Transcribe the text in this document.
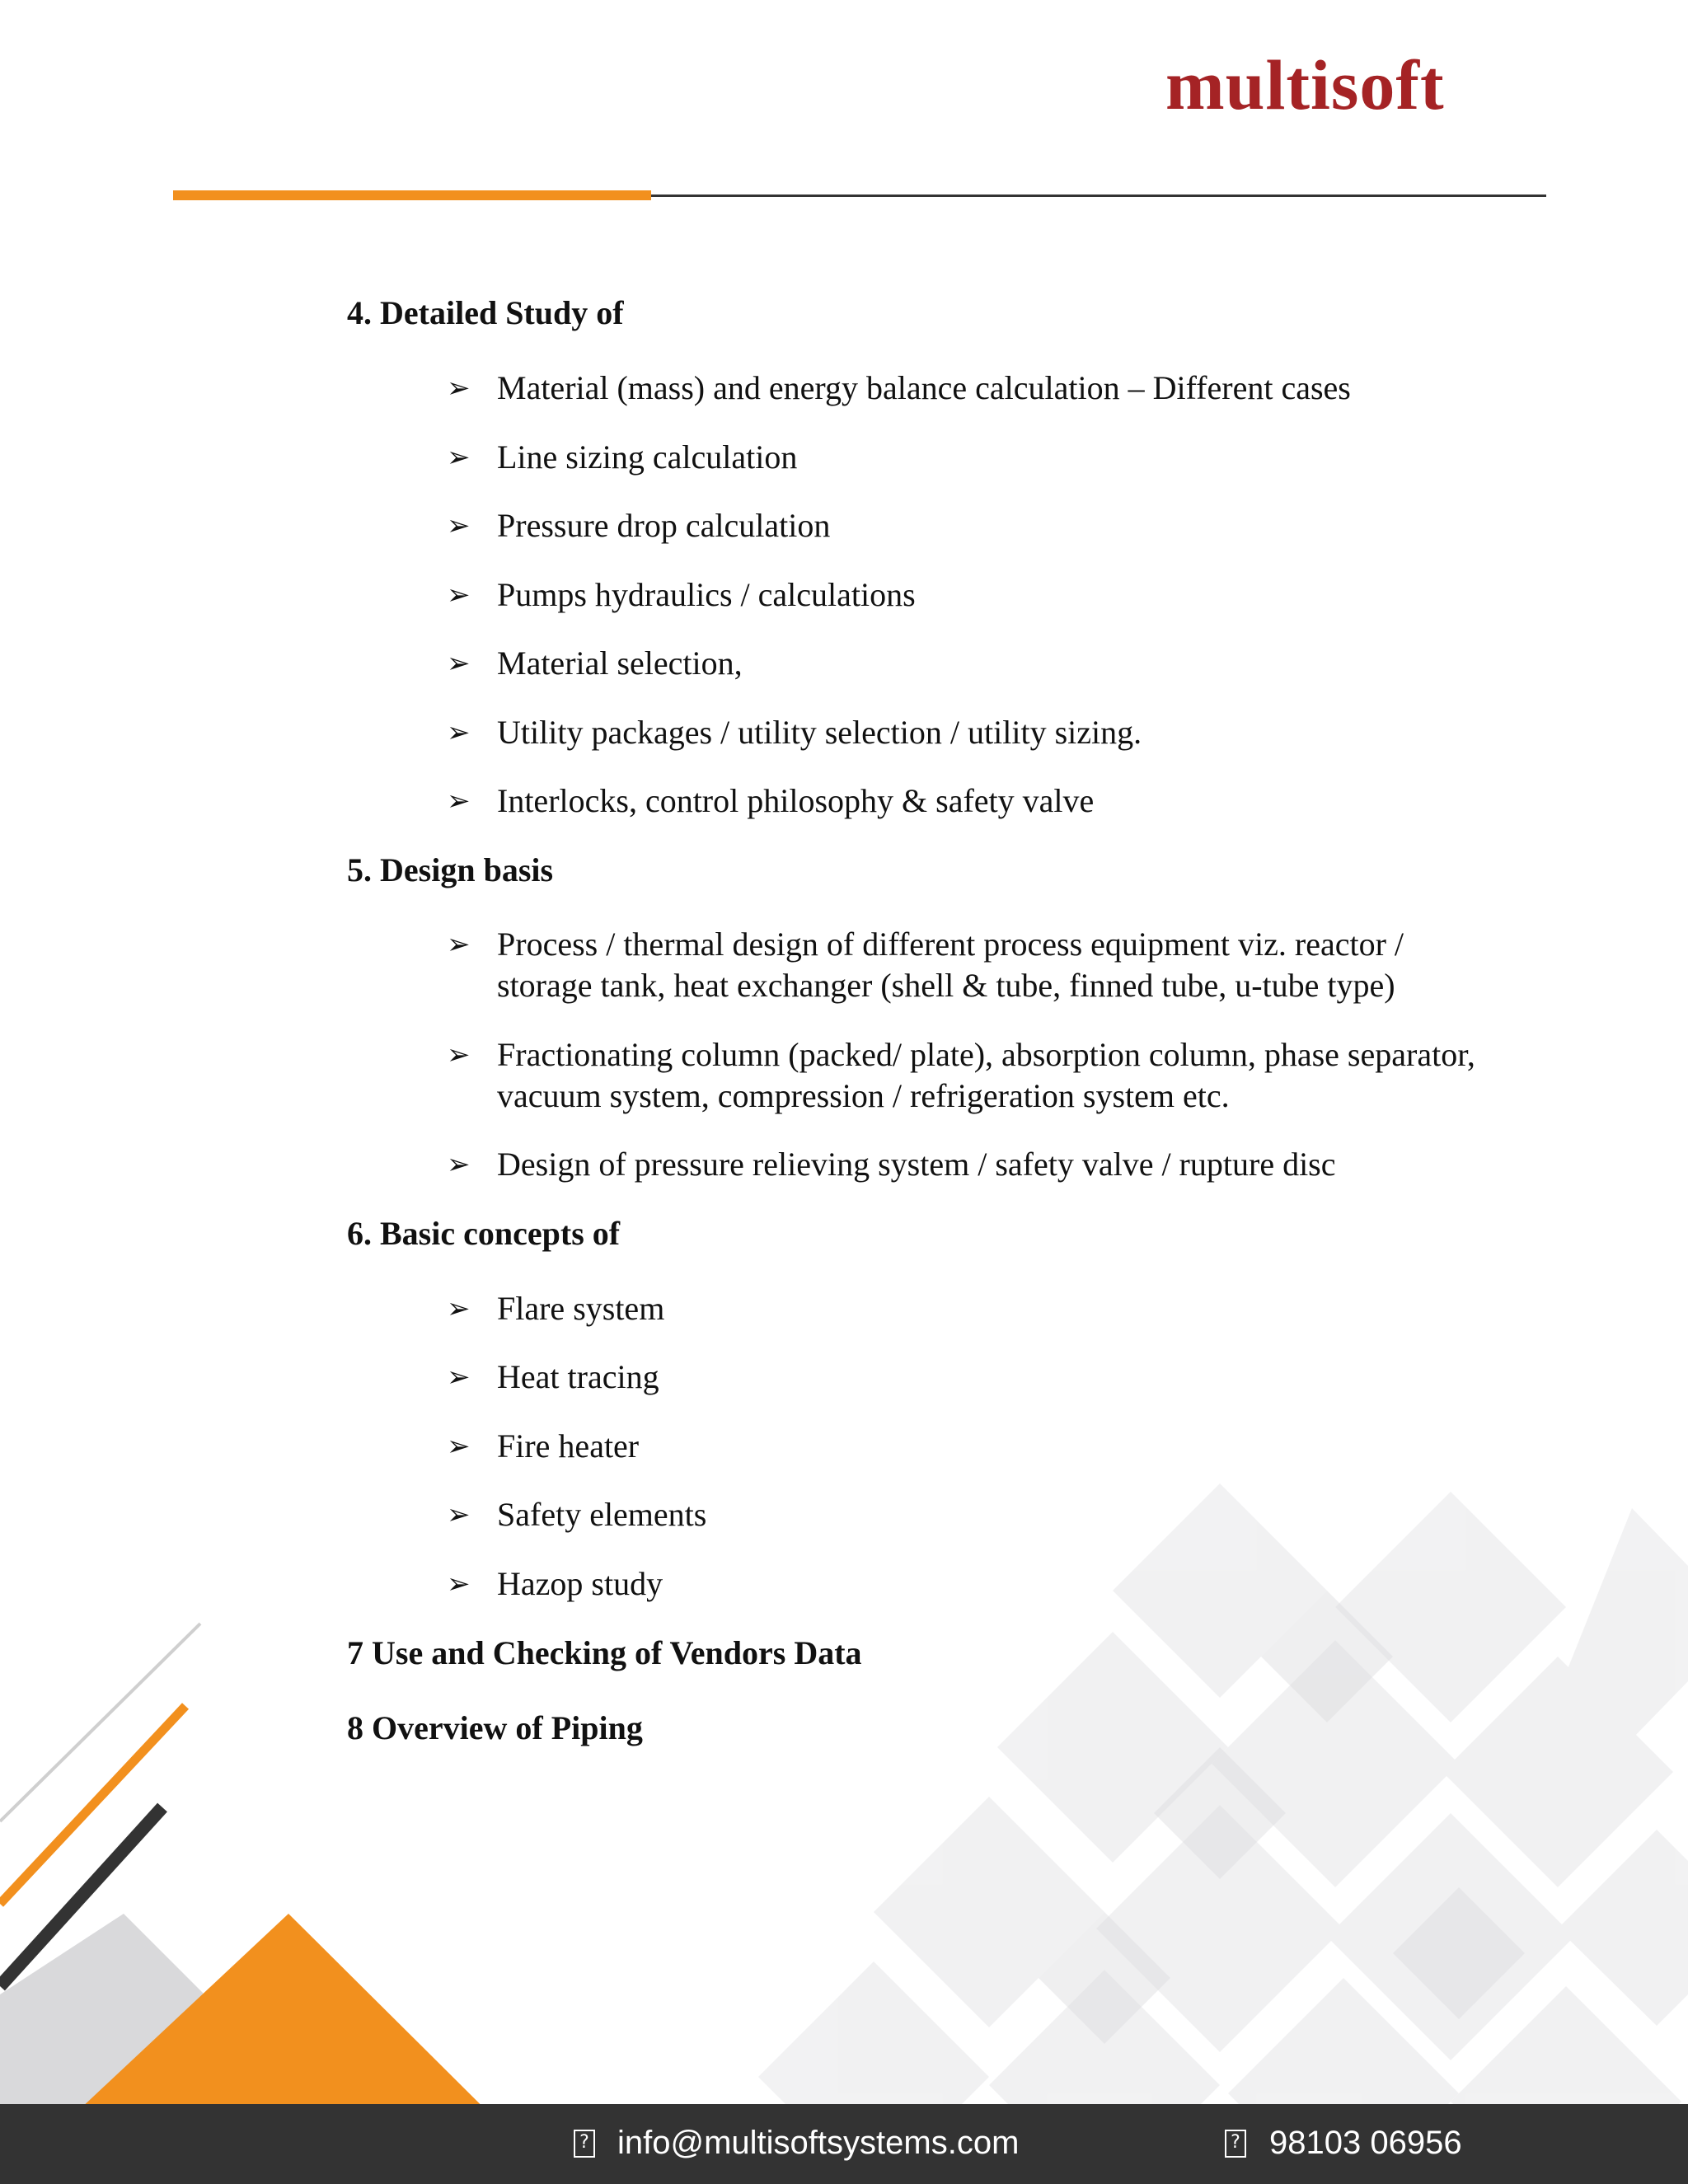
multisoft
4. Detailed Study of
➢ Material (mass) and energy balance calculation – Different cases
➢ Line sizing calculation
➢ Pressure drop calculation
➢ Pumps hydraulics / calculations
➢ Material selection,
➢ Utility packages / utility selection / utility sizing.
➢ Interlocks, control philosophy & safety valve
5. Design basis
➢ Process / thermal design of different process equipment viz. reactor /
storage tank, heat exchanger (shell & tube, finned tube, u-tube type)
➢ Fractionating column (packed/ plate), absorption column, phase separator,
vacuum system, compression / refrigeration system etc.
➢ Design of pressure relieving system / safety valve / rupture disc
6. Basic concepts of
➢ Flare system
➢ Heat tracing
➢ Fire heater
➢ Safety elements
➢ Hazop study
7 Use and Checking of Vendors Data
8 Overview of Piping
? info@multisoftsystems.com	? 98103 06956
